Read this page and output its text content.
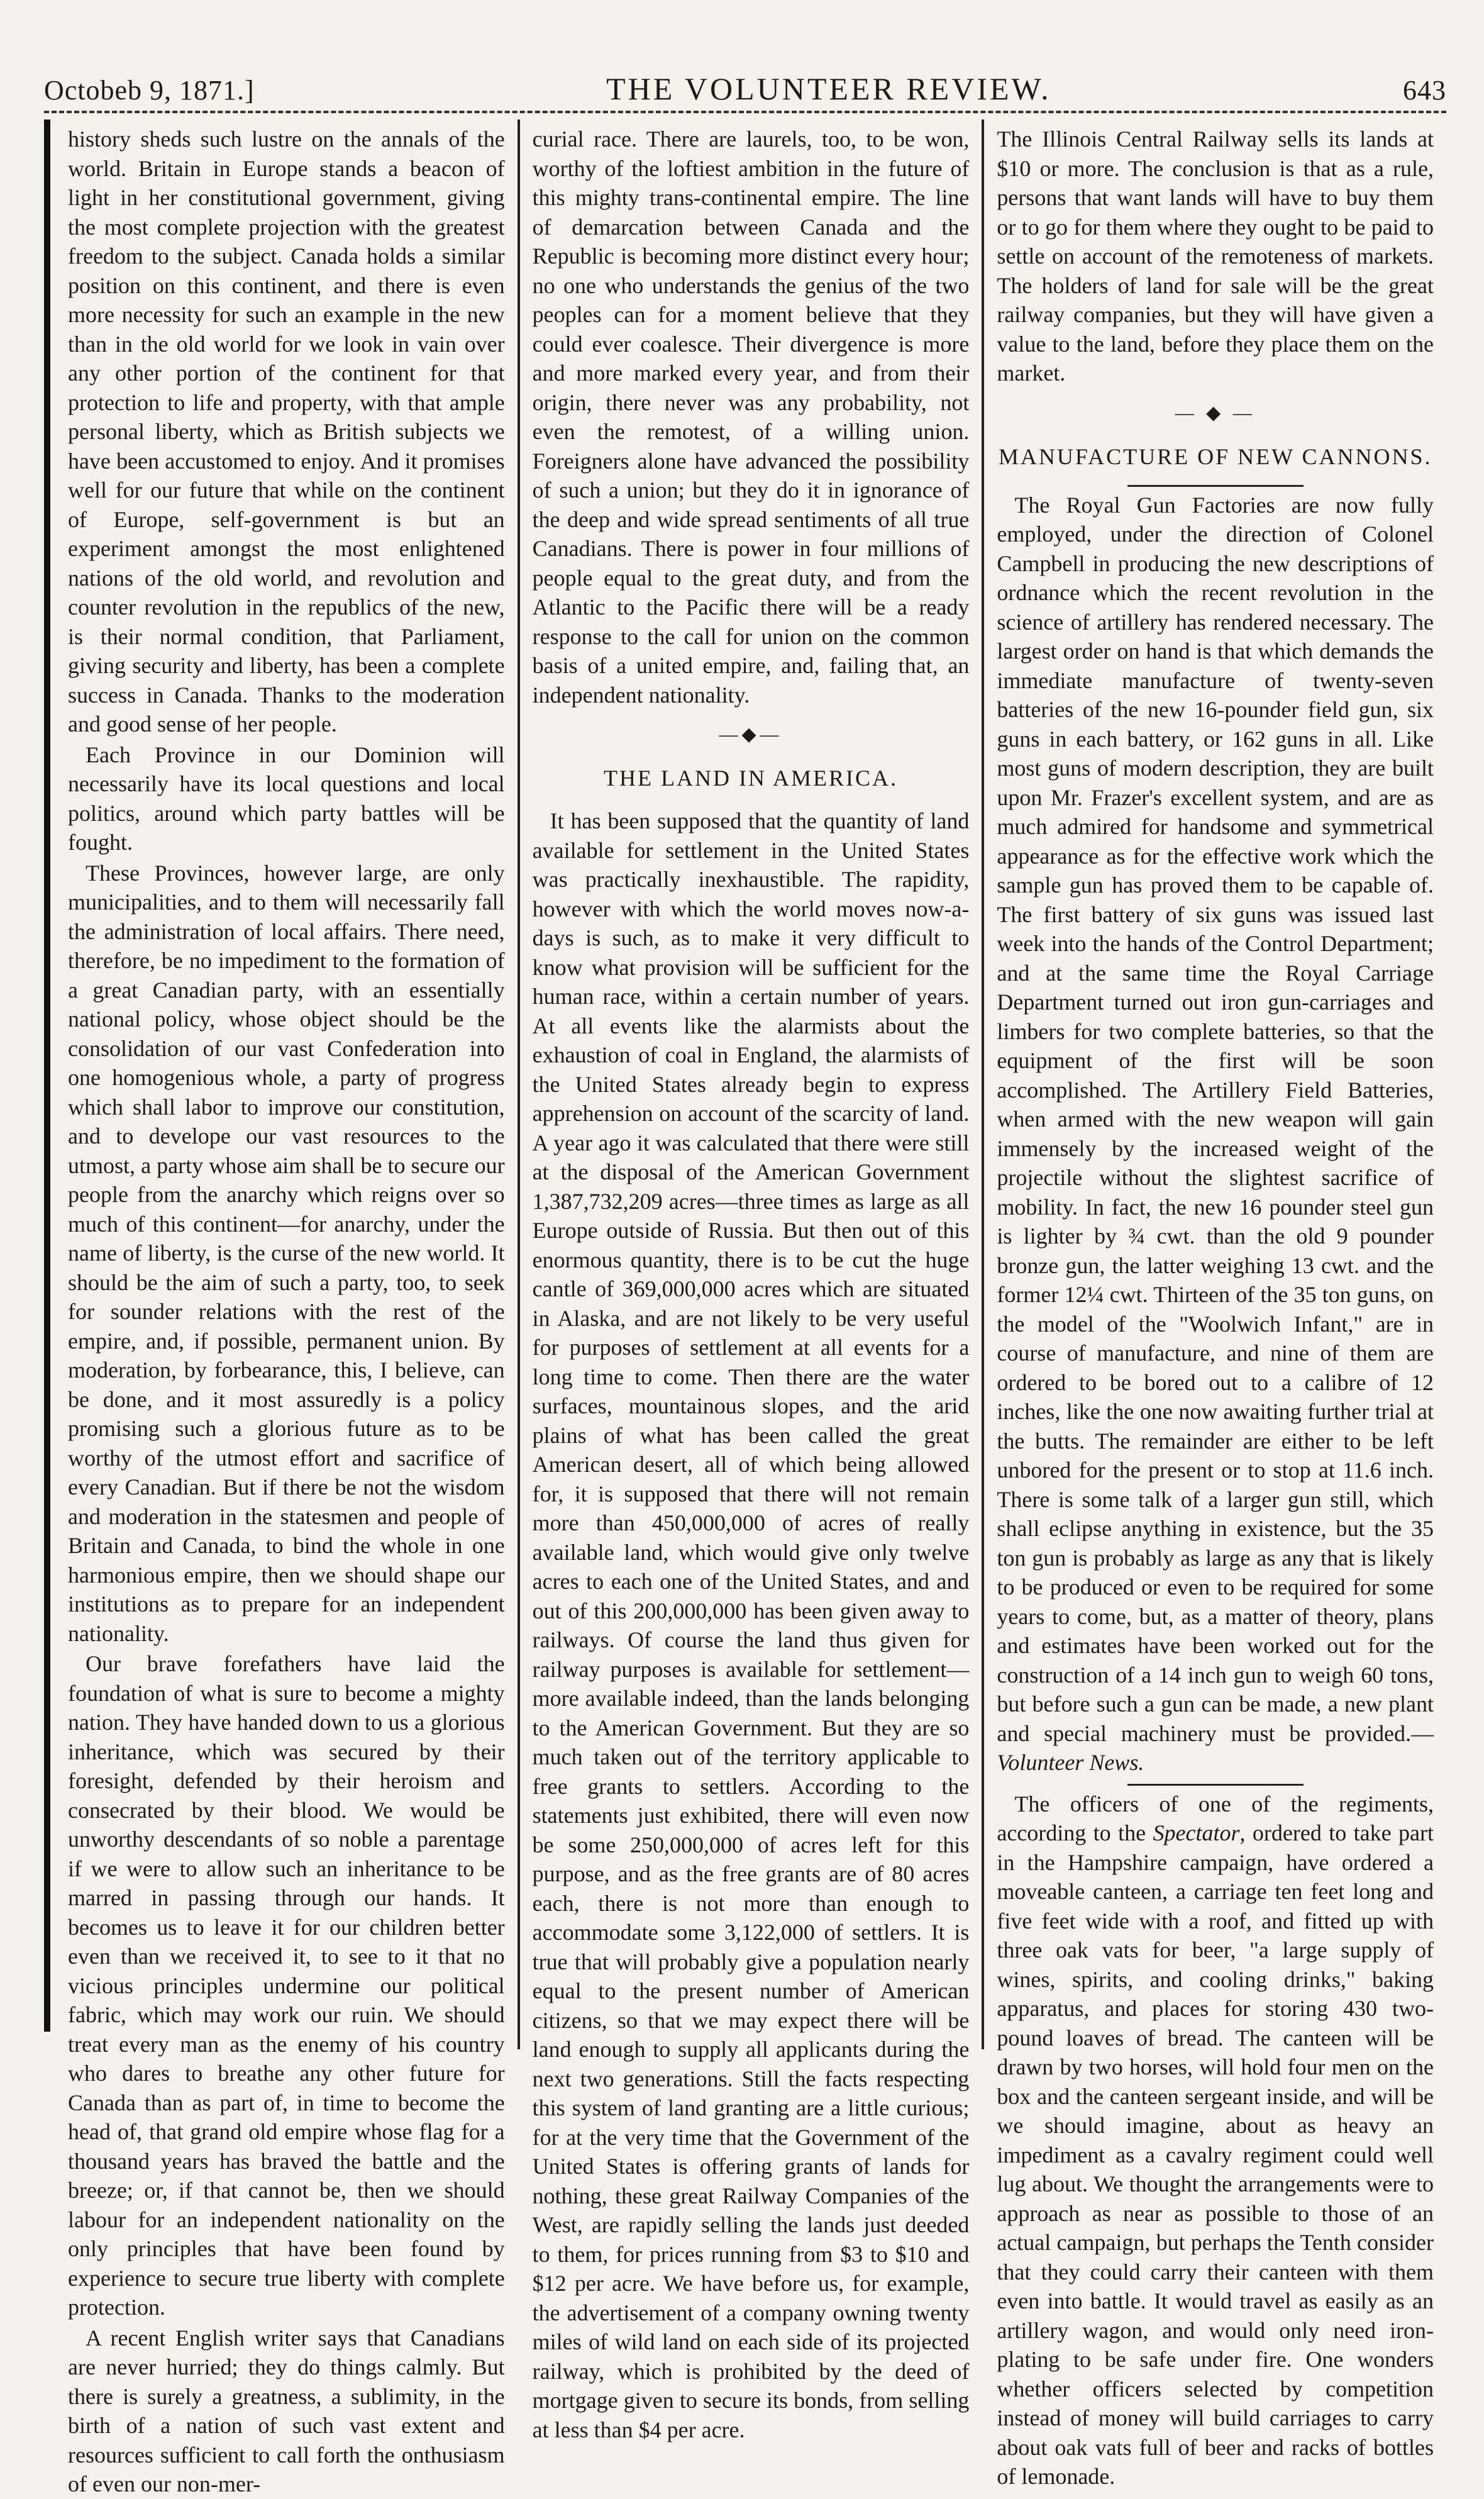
Octobeb 9, 1871.]	THE VOLUNTEER REVIEW.	643

history sheds such lustre on the annals of the world. Britain in Europe stands a beacon of light in her constitutional government, giving the most complete projection with the greatest freedom to the subject. Canada holds a similar position on this continent, and there is even more necessity for such an example in the new than in the old world for we look in vain over any other portion of the continent for that protection to life and property, with that ample personal liberty, which as British subjects we have been accustomed to enjoy. And it promises well for our future that while on the continent of Europe, self-government is but an experiment amongst the most enlightened nations of the old world, and revolution and counter revolution in the republics of the new, is their normal condition, that Parliament, giving security and liberty, has been a complete success in Canada. Thanks to the moderation and good sense of her people.

Each Province in our Dominion will necessarily have its local questions and local politics, around which party battles will be fought.

These Provinces, however large, are only municipalities, and to them will necessarily fall the administration of local affairs. There need, therefore, be no impediment to the formation of a great Canadian party, with an essentially national policy, whose object should be the consolidation of our vast Confederation into one homogenious whole, a party of progress which shall labor to improve our constitution, and to develope our vast resources to the utmost, a party whose aim shall be to secure our people from the anarchy which reigns over so much of this continent—for anarchy, under the name of liberty, is the curse of the new world. It should be the aim of such a party, too, to seek for sounder relations with the rest of the empire, and, if possible, permanent union. By moderation, by forbearance, this, I believe, can be done, and it most assuredly is a policy promising such a glorious future as to be worthy of the utmost effort and sacrifice of every Canadian. But if there be not the wisdom and moderation in the statesmen and people of Britain and Canada, to bind the whole in one harmonious empire, then we should shape our institutions as to prepare for an independent nationality.

Our brave forefathers have laid the foundation of what is sure to become a mighty nation. They have handed down to us a glorious inheritance, which was secured by their foresight, defended by their heroism and consecrated by their blood. We would be unworthy descendants of so noble a parentage if we were to allow such an inheritance to be marred in passing through our hands. It becomes us to leave it for our children better even than we received it, to see to it that no vicious principles undermine our political fabric, which may work our ruin. We should treat every man as the enemy of his country who dares to breathe any other future for Canada than as part of, in time to become the head of, that grand old empire whose flag for a thousand years has braved the battle and the breeze; or, if that cannot be, then we should labour for an independent nationality on the only principles that have been found by experience to secure true liberty with complete protection.

A recent English writer says that Canadians are never hurried; they do things calmly. But there is surely a greatness, a sublimity, in the birth of a nation of such vast extent and resources sufficient to call forth the onthusiasm of even our non-mer-

curial race. There are laurels, too, to be won, worthy of the loftiest ambition in the future of this mighty trans-continental empire. The line of demarcation between Canada and the Republic is becoming more distinct every hour; no one who understands the genius of the two peoples can for a moment believe that they could ever coalesce. Their divergence is more and more marked every year, and from their origin, there never was any probability, not even the remotest, of a willing union. Foreigners alone have advanced the possibility of such a union; but they do it in ignorance of the deep and wide spread sentiments of all true Canadians. There is power in four millions of people equal to the great duty, and from the Atlantic to the Pacific there will be a ready response to the call for union on the common basis of a united empire, and, failing that, an independent nationality.

—◆—
THE LAND IN AMERICA.

It has been supposed that the quantity of land available for settlement in the United States was practically inexhaustible. The rapidity, however with which the world moves now-a-days is such, as to make it very difficult to know what provision will be sufficient for the human race, within a certain number of years. At all events like the alarmists about the exhaustion of coal in England, the alarmists of the United States already begin to express apprehension on account of the scarcity of land. A year ago it was calculated that there were still at the disposal of the American Government 1,387,732,209 acres—three times as large as all Europe outside of Russia. But then out of this enormous quantity, there is to be cut the huge cantle of 369,000,000 acres which are situated in Alaska, and are not likely to be very useful for purposes of settlement at all events for a long time to come. Then there are the water surfaces, mountainous slopes, and the arid plains of what has been called the great American desert, all of which being allowed for, it is supposed that there will not remain more than 450,000,000 of acres of really available land, which would give only twelve acres to each one of the United States, and and out of this 200,000,000 has been given away to railways. Of course the land thus given for railway purposes is available for settlement—more available indeed, than the lands belonging to the American Government. But they are so much taken out of the territory applicable to free grants to settlers. According to the statements just exhibited, there will even now be some 250,000,000 of acres left for this purpose, and as the free grants are of 80 acres each, there is not more than enough to accommodate some 3,122,000 of settlers. It is true that will probably give a population nearly equal to the present number of American citizens, so that we may expect there will be land enough to supply all applicants during the next two generations. Still the facts respecting this system of land granting are a little curious; for at the very time that the Government of the United States is offering grants of lands for nothing, these great Railway Companies of the West, are rapidly selling the lands just deeded to them, for prices running from $3 to $10 and $12 per acre. We have before us, for example, the advertisement of a company owning twenty miles of wild land on each side of its projected railway, which is prohibited by the deed of mortgage given to secure its bonds, from selling at less than $4 per acre.

The Illinois Central Railway sells its lands at $10 or more. The conclusion is that as a rule, persons that want lands will have to buy them or to go for them where they ought to be paid to settle on account of the remoteness of markets. The holders of land for sale will be the great railway companies, but they will have given a value to the land, before they place them on the market.

— ◆ —
MANUFACTURE OF NEW CANNONS.

The Royal Gun Factories are now fully employed, under the direction of Colonel Campbell in producing the new descriptions of ordnance which the recent revolution in the science of artillery has rendered necessary. The largest order on hand is that which demands the immediate manufacture of twenty-seven batteries of the new 16-pounder field gun, six guns in each battery, or 162 guns in all. Like most guns of modern description, they are built upon Mr. Frazer's excellent system, and are as much admired for handsome and symmetrical appearance as for the effective work which the sample gun has proved them to be capable of. The first battery of six guns was issued last week into the hands of the Control Department; and at the same time the Royal Carriage Department turned out iron gun-carriages and limbers for two complete batteries, so that the equipment of the first will be soon accomplished. The Artillery Field Batteries, when armed with the new weapon will gain immensely by the increased weight of the projectile without the slightest sacrifice of mobility. In fact, the new 16 pounder steel gun is lighter by ¾ cwt. than the old 9 pounder bronze gun, the latter weighing 13 cwt. and the former 12¼ cwt. Thirteen of the 35 ton guns, on the model of the "Woolwich Infant," are in course of manufacture, and nine of them are ordered to be bored out to a calibre of 12 inches, like the one now awaiting further trial at the butts. The remainder are either to be left unbored for the present or to stop at 11.6 inch. There is some talk of a larger gun still, which shall eclipse anything in existence, but the 35 ton gun is probably as large as any that is likely to be produced or even to be required for some years to come, but, as a matter of theory, plans and estimates have been worked out for the construction of a 14 inch gun to weigh 60 tons, but before such a gun can be made, a new plant and special machinery must be provided.—Volunteer News.

The officers of one of the regiments, according to the Spectator, ordered to take part in the Hampshire campaign, have ordered a moveable canteen, a carriage ten feet long and five feet wide with a roof, and fitted up with three oak vats for beer, "a large supply of wines, spirits, and cooling drinks," baking apparatus, and places for storing 430 two-pound loaves of bread. The canteen will be drawn by two horses, will hold four men on the box and the canteen sergeant inside, and will be we should imagine, about as heavy an impediment as a cavalry regiment could well lug about. We thought the arrangements were to approach as near as possible to those of an actual campaign, but perhaps the Tenth consider that they could carry their canteen with them even into battle. It would travel as easily as an artillery wagon, and would only need iron-plating to be safe under fire. One wonders whether officers selected by competition instead of money will build carriages to carry about oak vats full of beer and racks of bottles of lemonade.
